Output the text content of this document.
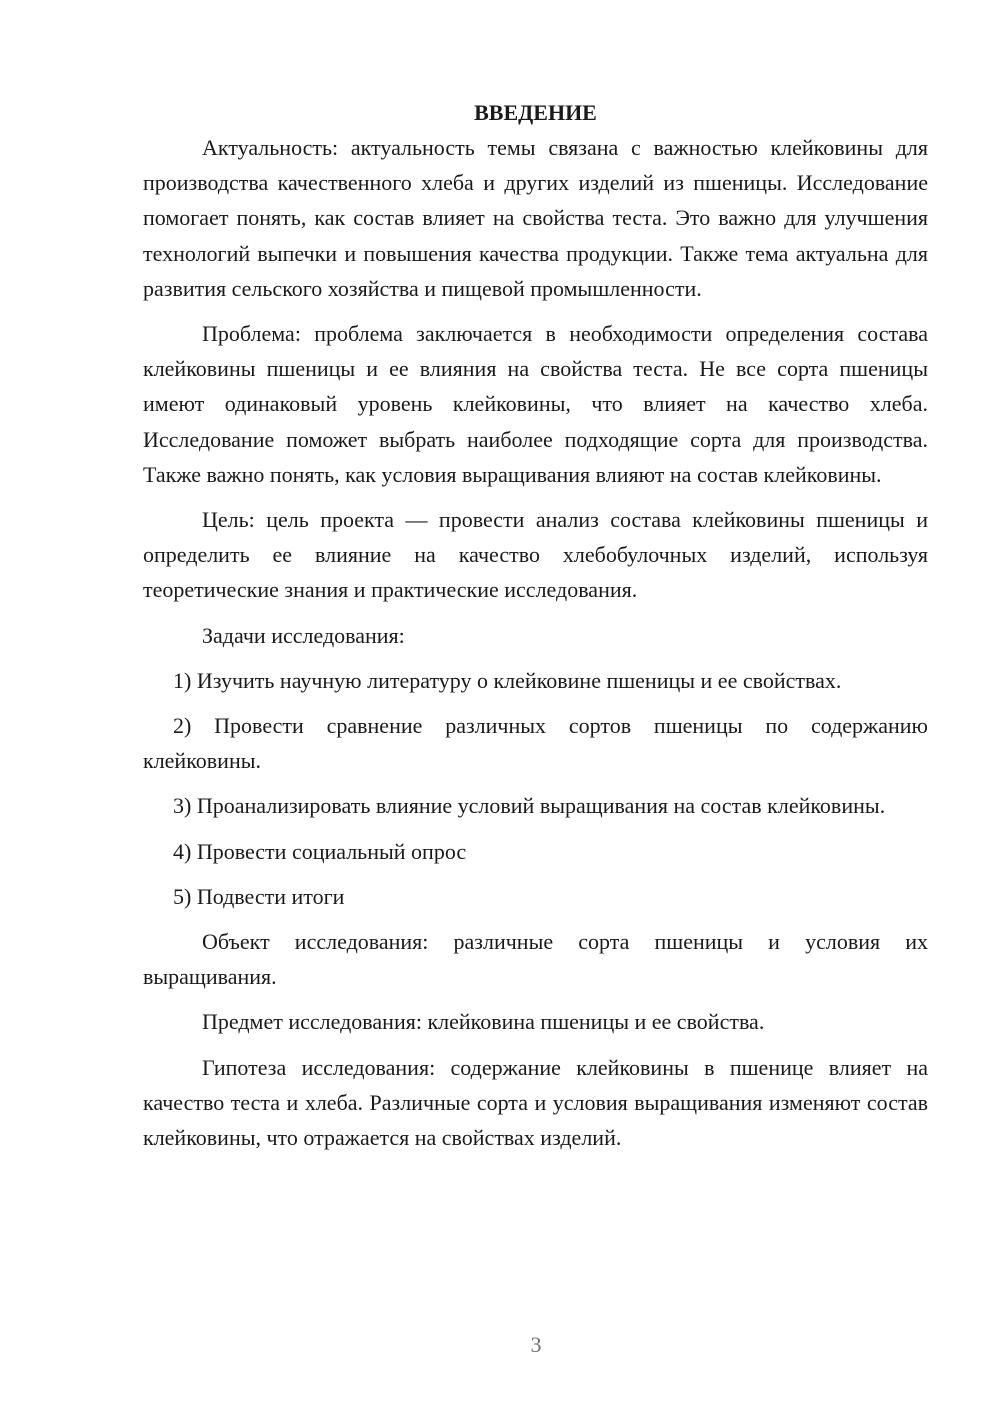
ВВЕДЕНИЕ

Актуальность: актуальность темы связана с важностью клейковины для производства качественного хлеба и других изделий из пшеницы. Исследование помогает понять, как состав влияет на свойства теста. Это важно для улучшения технологий выпечки и повышения качества продукции. Также тема актуальна для развития сельского хозяйства и пищевой промышленности.

Проблема: проблема заключается в необходимости определения состава клейковины пшеницы и ее влияния на свойства теста. Не все сорта пшеницы имеют одинаковый уровень клейковины, что влияет на качество хлеба. Исследование поможет выбрать наиболее подходящие сорта для производства. Также важно понять, как условия выращивания влияют на состав клейковины.

Цель: цель проекта — провести анализ состава клейковины пшеницы и определить ее влияние на качество хлебобулочных изделий, используя теоретические знания и практические исследования.

Задачи исследования:

1) Изучить научную литературу о клейковине пшеницы и ее свойствах.

2) Провести сравнение различных сортов пшеницы по содержанию клейковины.

3) Проанализировать влияние условий выращивания на состав клейковины.

4) Провести социальный опрос

5) Подвести итоги

Объект исследования: различные сорта пшеницы и условия их выращивания.

Предмет исследования: клейковина пшеницы и ее свойства.

Гипотеза исследования: содержание клейковины в пшенице влияет на качество теста и хлеба. Различные сорта и условия выращивания изменяют состав клейковины, что отражается на свойствах изделий.

3
